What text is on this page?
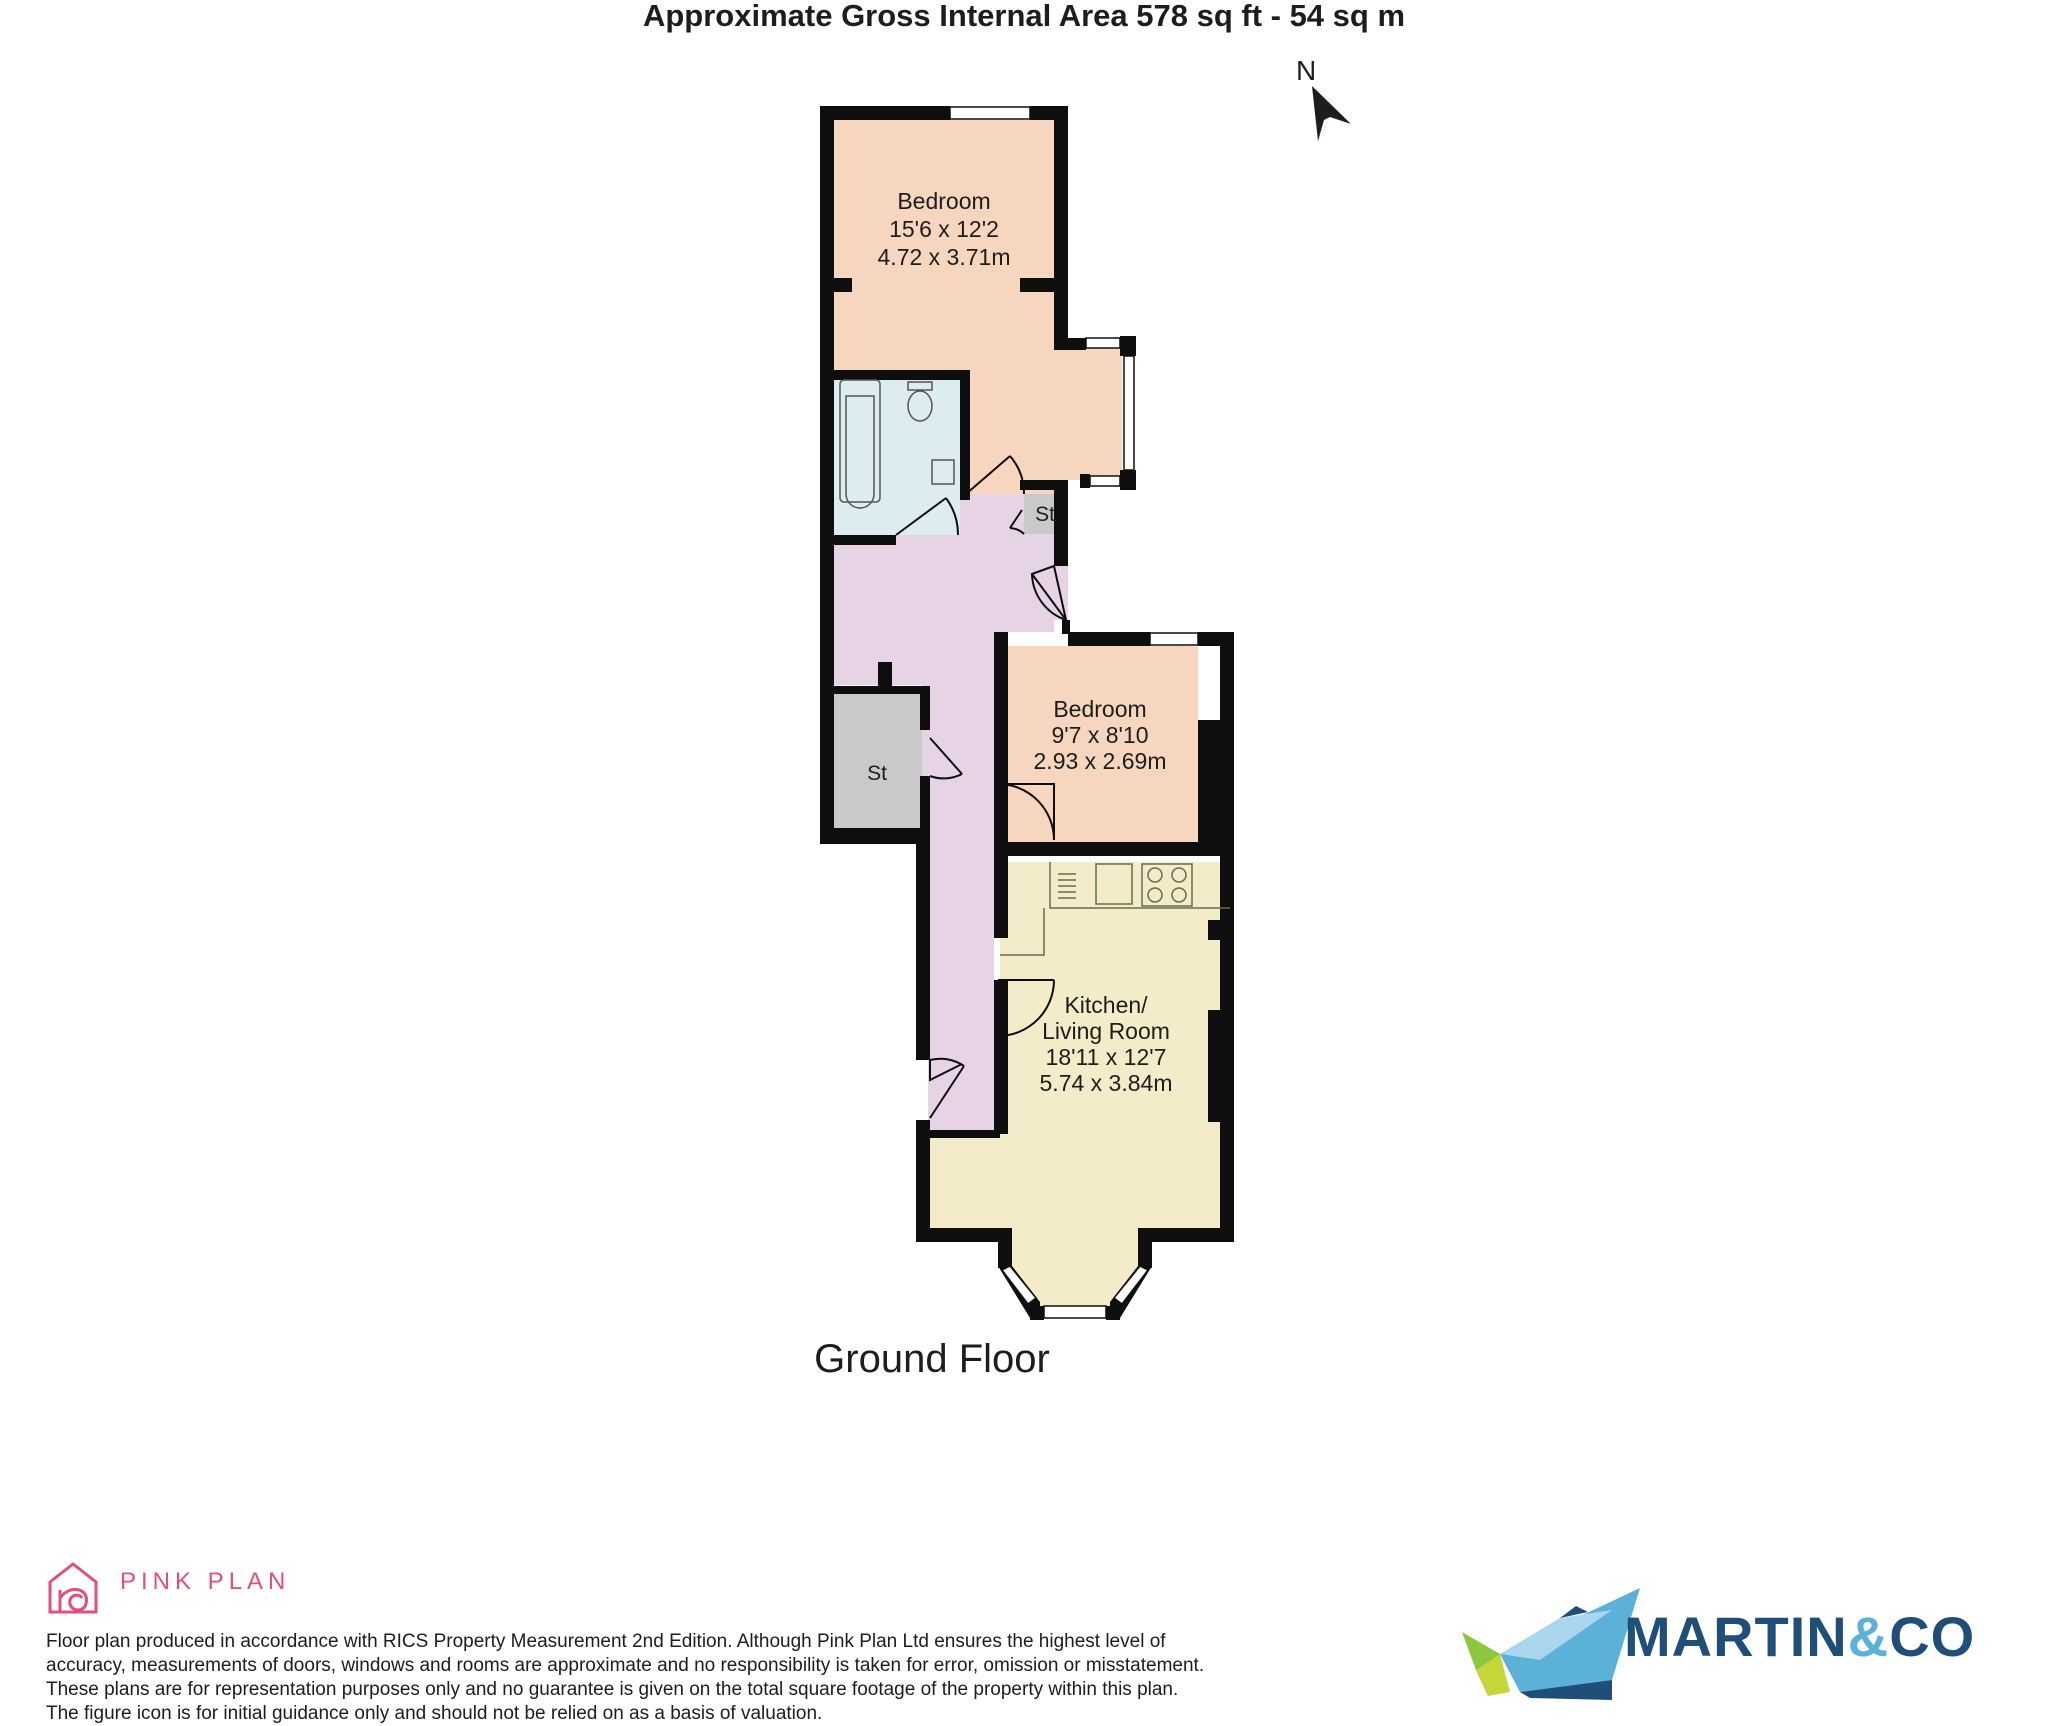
Approximate Gross Internal Area 578 sq ft - 54 sq m
N
Bedroom
15'6 x 12'2
4.72 x 3.71m
Bedroom
9'7 x 8'10
2.93 x 2.69m
Kitchen/
Living Room
18'11 x 12'7
5.74 x 3.84m
St
St
Ground Floor
PINK PLAN
Floor plan produced in accordance with RICS Property Measurement 2nd Edition. Although Pink Plan Ltd ensures the highest level of accuracy, measurements of doors, windows and rooms are approximate and no responsibility is taken for error, omission or misstatement. These plans are for representation purposes only and no guarantee is given on the total square footage of the property within this plan. The figure icon is for initial guidance only and should not be relied on as a basis of valuation.
MARTIN&CO
